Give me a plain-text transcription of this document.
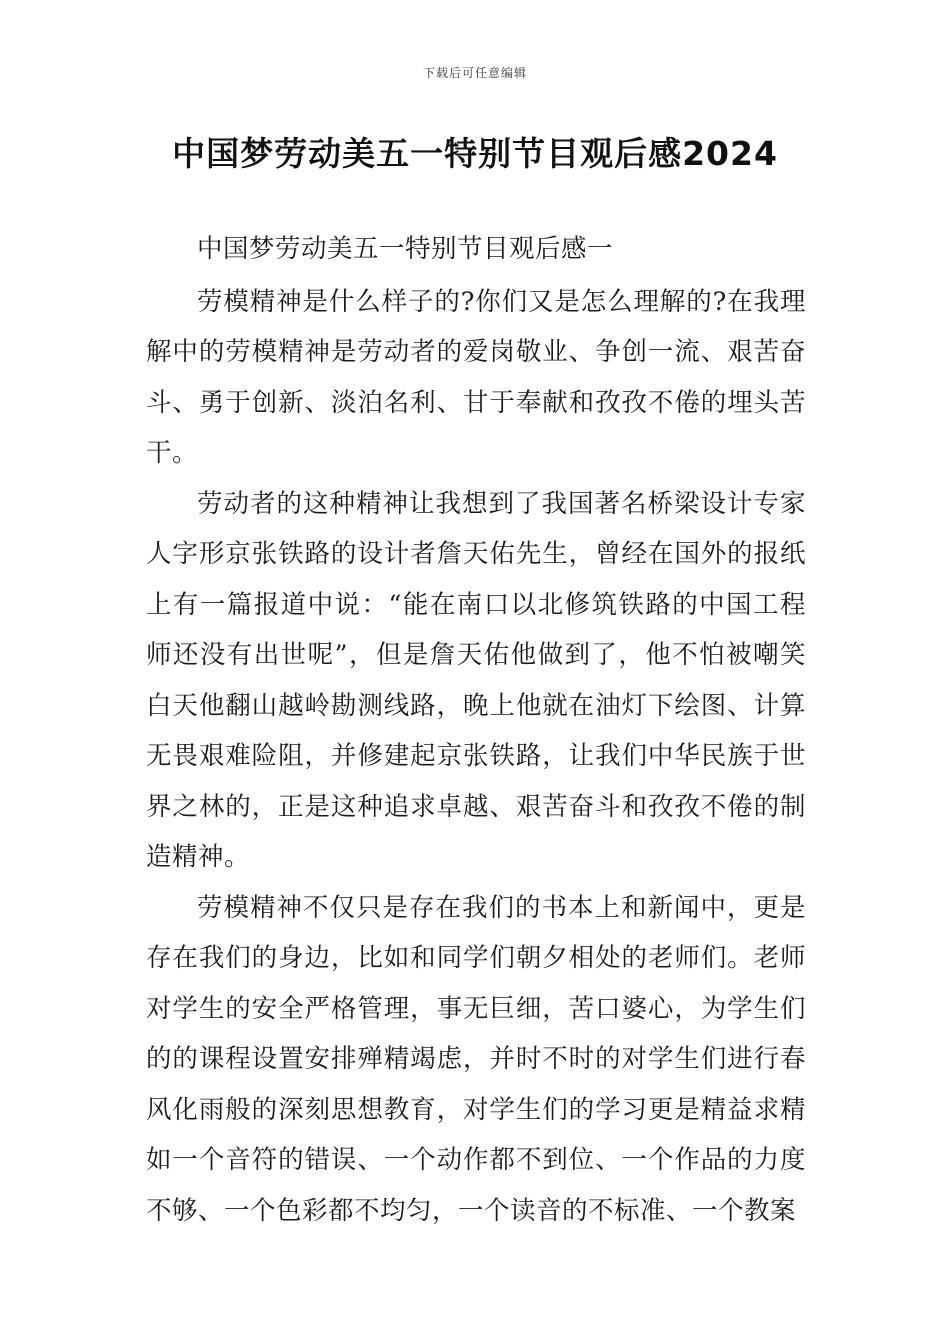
下载后可任意编辑
中国梦劳动美五一特别节目观后感2024

中国梦劳动美五一特别节目观后感一

劳模精神是什么样子的?你们又是怎么理解的?在我理解中的劳模精神是劳动者的爱岗敬业、争创一流、艰苦奋斗、勇于创新、淡泊名利、甘于奉献和孜孜不倦的埋头苦干。

劳动者的这种精神让我想到了我国著名桥梁设计专家人字形京张铁路的设计者詹天佑先生，曾经在国外的报纸上有一篇报道中说：“能在南口以北修筑铁路的中国工程师还没有出世呢”，但是詹天佑他做到了，他不怕被嘲笑白天他翻山越岭勘测线路，晚上他就在油灯下绘图、计算无畏艰难险阻，并修建起京张铁路，让我们中华民族于世界之林的，正是这种追求卓越、艰苦奋斗和孜孜不倦的制造精神。

劳模精神不仅只是存在我们的书本上和新闻中，更是存在我们的身边，比如和同学们朝夕相处的老师们。老师对学生的安全严格管理，事无巨细，苦口婆心，为学生们的的课程设置安排殚精竭虑，并时不时的对学生们进行春风化雨般的深刻思想教育，对学生们的学习更是精益求精如一个音符的错误、一个动作都不到位、一个作品的力度不够、一个色彩都不均匀，一个读音的不标准、一个教案
